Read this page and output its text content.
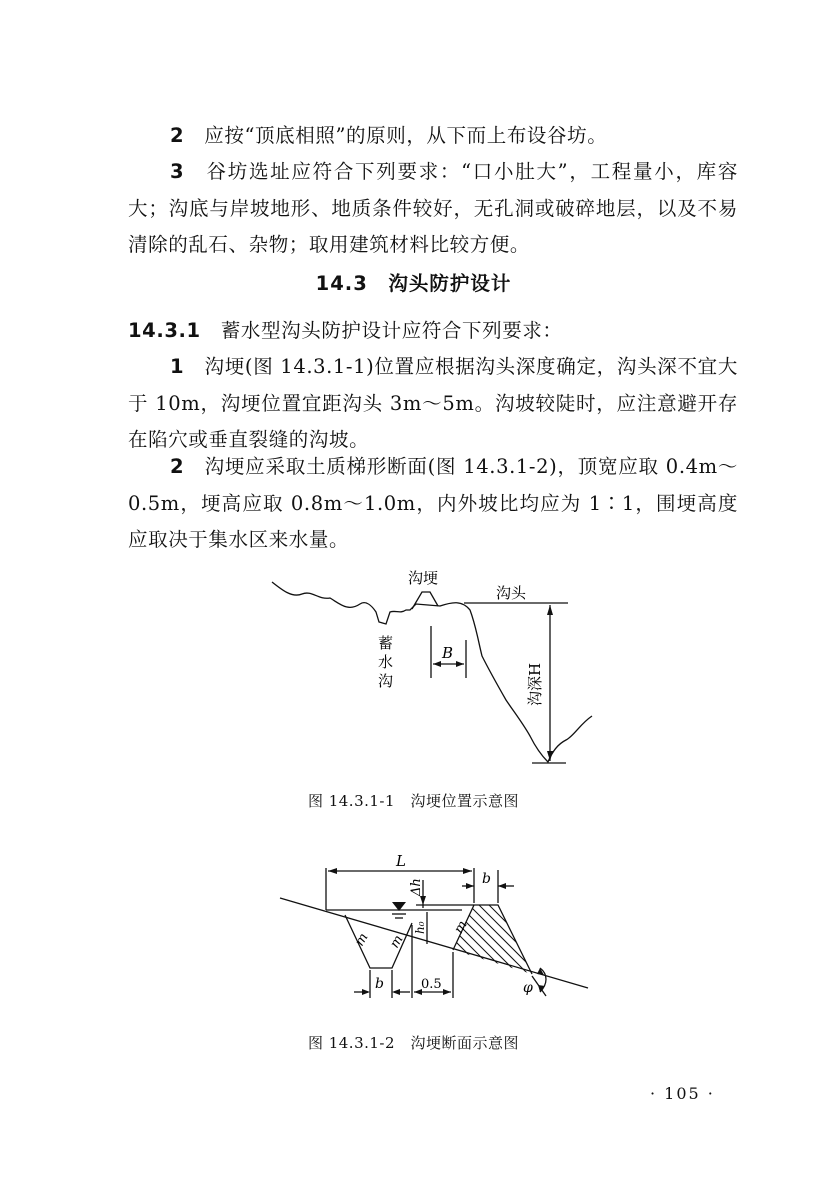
2　 应按“顶底相照”的原则，从下而上布设谷坊。

3　 谷坊选址应符合下列要求：“口小肚大”，工程量小，库容大；沟底与岸坡地形、地质条件较好，无孔洞或破碎地层，以及不易清除的乱石、杂物；取用建筑材料比较方便。

14.3　 沟头防护设计

14.3.1　 蓄水型沟头防护设计应符合下列要求：

1　 沟埂(图 14.3.1-1)位置应根据沟头深度确定，沟头深不宜大于 10m，沟埂位置宜距沟头 3m～5m。沟坡较陡时，应注意避开存在陷穴或垂直裂缝的沟坡。

2　 沟埂应采取土质梯形断面(图 14.3.1-2)，顶宽应取 0.4m～0.5m，埂高应取 0.8m～1.0m，内外坡比均应为 1∶1，围埂高度应取决于集水区来水量。

沟埂
沟头
蓄
水
沟
B
沟深H

图 14.3.1-1　沟埂位置示意图

L
Δh	b
m m
m
h₀
b	0.5	φ

图 14.3.1-2　沟埂断面示意图

· 105 ·
